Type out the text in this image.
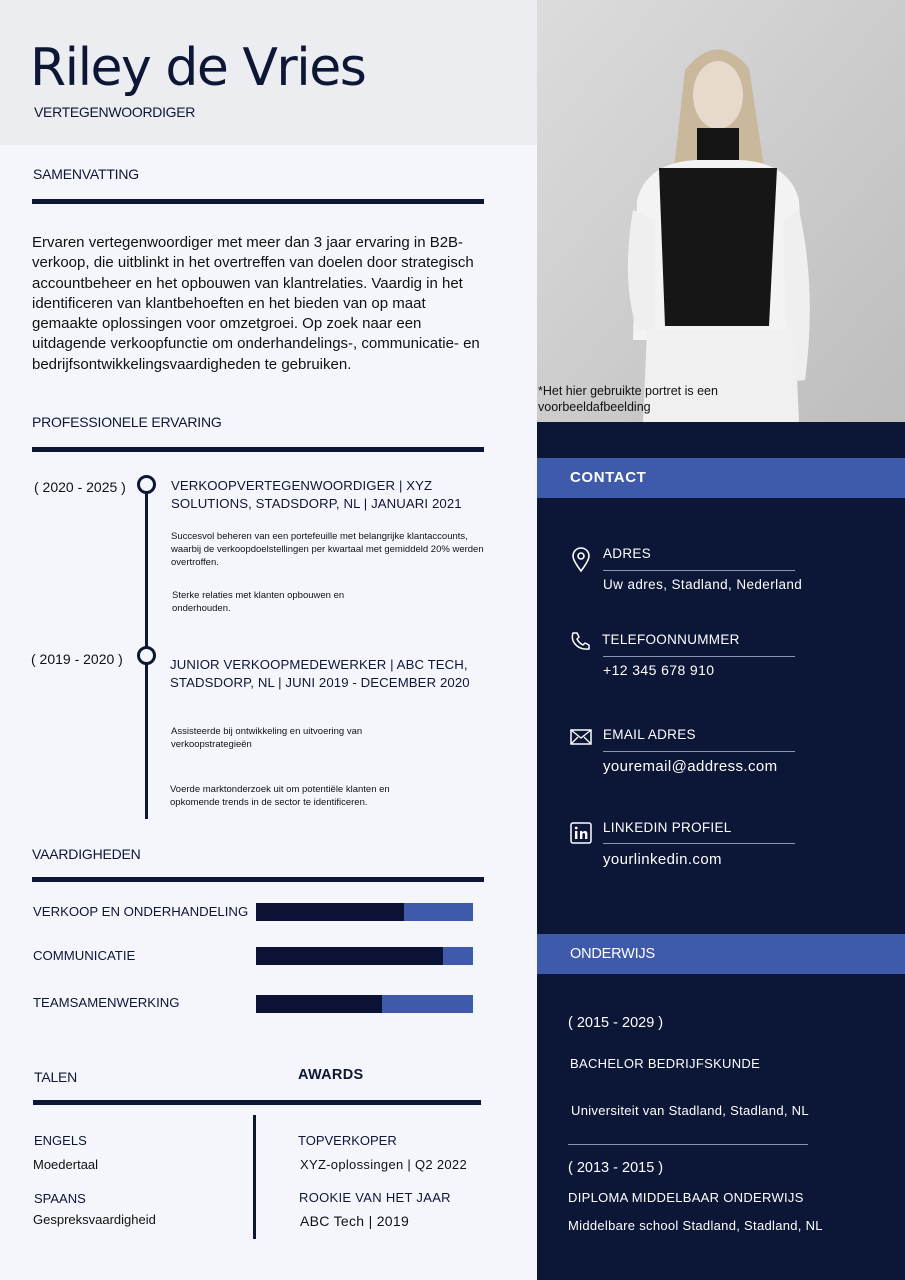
Riley de Vries
VERTEGENWOORDIGER
SAMENVATTING

Ervaren vertegenwoordiger met meer dan 3 jaar ervaring in B2B-verkoop, die uitblinkt in het overtreffen van doelen door strategisch accountbeheer en het opbouwen van klantrelaties. Vaardig in het identificeren van klantbehoeften en het bieden van op maat gemaakte oplossingen voor omzetgroei. Op zoek naar een uitdagende verkoopfunctie om onderhandelings-, communicatie- en bedrijfsontwikkelingsvaardigheden te gebruiken.

PROFESSIONELE ERVARING
( 2020 - 2025 )	VERKOOPVERTEGENWOORDIGER | XYZ SOLUTIONS, STADSDORP, NL | JANUARI 2021
Succesvol beheren van een portefeuille met belangrijke klantaccounts, waarbij de verkoopdoelstellingen per kwartaal met gemiddeld 20% werden overtroffen.
Sterke relaties met klanten opbouwen en onderhouden.
( 2019 - 2020 )	JUNIOR VERKOOPMEDEWERKER | ABC TECH, STADSDORP, NL | JUNI 2019 - DECEMBER 2020
Assisteerde bij ontwikkeling en uitvoering van verkoopstrategieën
Voerde marktonderzoek uit om potentiële klanten en opkomende trends in de sector te identificeren.
VAARDIGHEDEN
VERKOOP EN ONDERHANDELING
COMMUNICATIE
TEAMSAMENWERKING
TALEN	AWARDS
ENGELS
Moedertaal
SPAANS
Gespreksvaardigheid
TOPVERKOPER
XYZ-oplossingen | Q2 2022
ROOKIE VAN HET JAAR
ABC Tech | 2019
*Het hier gebruikte portret is een voorbeeldafbeelding
CONTACT
ADRES
Uw adres, Stadland, Nederland
TELEFOONNUMMER
+12 345 678 910
EMAIL ADRES
youremail@address.com
LINKEDIN PROFIEL
yourlinkedin.com
ONDERWIJS
( 2015 - 2029 )
BACHELOR BEDRIJFSKUNDE
Universiteit van Stadland, Stadland, NL
( 2013 - 2015 )
DIPLOMA MIDDELBAAR ONDERWIJS
Middelbare school Stadland, Stadland, NL
